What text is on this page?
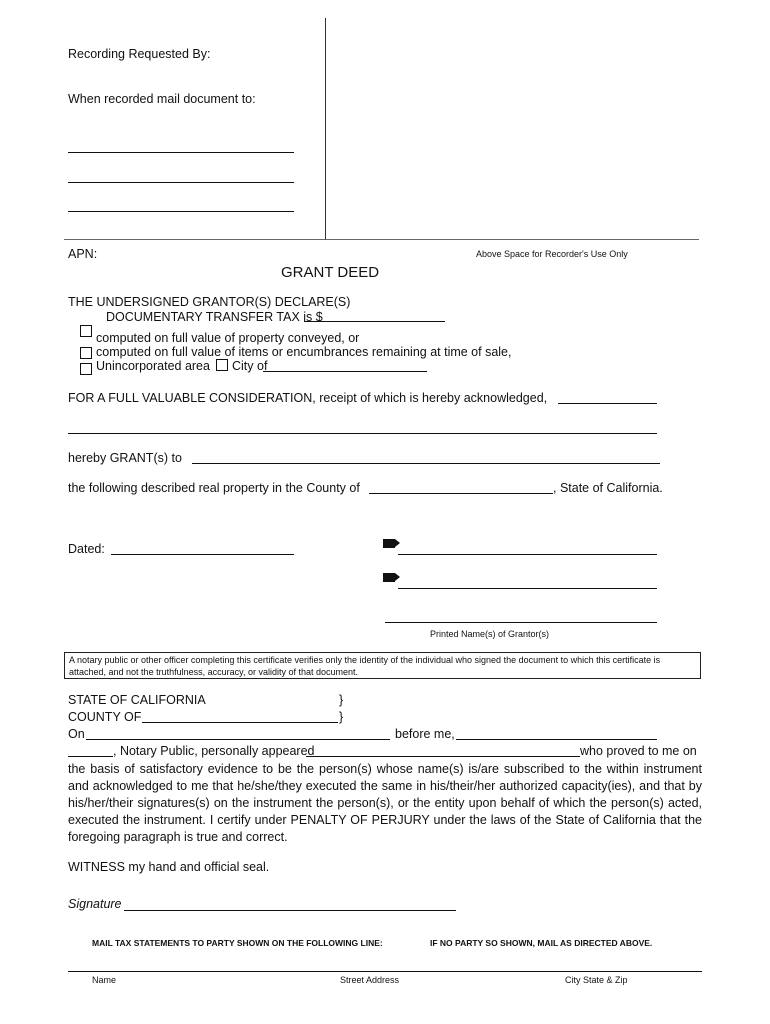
Recording Requested By:
When recorded mail document to:
APN:	Above Space for Recorder's Use Only
GRANT DEED
THE UNDERSIGNED GRANTOR(S) DECLARE(S)
DOCUMENTARY TRANSFER TAX is $
computed on full value of property conveyed, or
computed on full value of items or encumbrances remaining at time of sale,
Unincorporated area City of
FOR A FULL VALUABLE CONSIDERATION, receipt of which is hereby acknowledged,
hereby GRANT(s) to
the following described real property in the County of	, State of California.
Dated:
Printed Name(s) of Grantor(s)
A notary public or other officer completing this certificate verifies only the identity of the individual who signed the document to which this certificate is attached, and not the truthfulness, accuracy, or validity of that document.
STATE OF CALIFORNIA	}
COUNTY OF	}
On	before me,
, Notary Public, personally appeared	who proved to me on
the basis of satisfactory evidence to be the person(s) whose name(s) is/are subscribed to the within instrument and acknowledged to me that he/she/they executed the same in his/their/her authorized capacity(ies), and that by his/her/their signatures(s) on the instrument the person(s), or the entity upon behalf of which the person(s) acted, executed the instrument. I certify under PENALTY OF PERJURY under the laws of the State of California that the foregoing paragraph is true and correct.
WITNESS my hand and official seal.
Signature
MAIL TAX STATEMENTS TO PARTY SHOWN ON THE FOLLOWING LINE:	IF NO PARTY SO SHOWN, MAIL AS DIRECTED ABOVE.
Name	Street Address	City State & Zip
